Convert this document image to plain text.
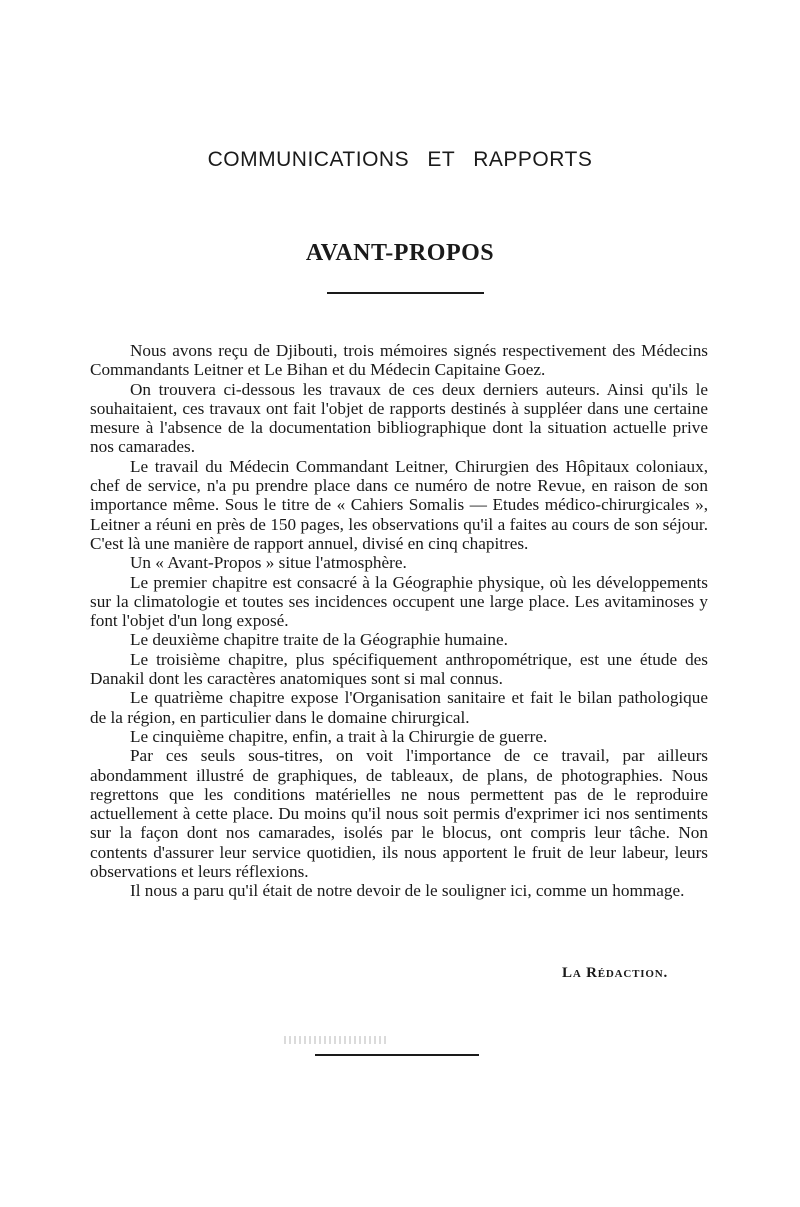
COMMUNICATIONS ET RAPPORTS
AVANT-PROPOS

Nous avons reçu de Djibouti, trois mémoires signés respectivement des Médecins Commandants Leitner et Le Bihan et du Médecin Capitaine Goez.

On trouvera ci-dessous les travaux de ces deux derniers auteurs. Ainsi qu'ils le souhaitaient, ces travaux ont fait l'objet de rapports destinés à suppléer dans une certaine mesure à l'absence de la documentation bibliographique dont la situation actuelle prive nos camarades.

Le travail du Médecin Commandant Leitner, Chirurgien des Hôpitaux coloniaux, chef de service, n'a pu prendre place dans ce numéro de notre Revue, en raison de son importance même. Sous le titre de « Cahiers Somalis — Etudes médico-chirurgicales », Leitner a réuni en près de 150 pages, les observations qu'il a faites au cours de son séjour. C'est là une manière de rapport annuel, divisé en cinq chapitres.

Un « Avant-Propos » situe l'atmosphère.

Le premier chapitre est consacré à la Géographie physique, où les développements sur la climatologie et toutes ses incidences occupent une large place. Les avitaminoses y font l'objet d'un long exposé.

Le deuxième chapitre traite de la Géographie humaine.

Le troisième chapitre, plus spécifiquement anthropométrique, est une étude des Danakil dont les caractères anatomiques sont si mal connus.

Le quatrième chapitre expose l'Organisation sanitaire et fait le bilan pathologique de la région, en particulier dans le domaine chirurgical.

Le cinquième chapitre, enfin, a trait à la Chirurgie de guerre.

Par ces seuls sous-titres, on voit l'importance de ce travail, par ailleurs abondamment illustré de graphiques, de tableaux, de plans, de photographies. Nous regrettons que les conditions matérielles ne nous permettent pas de le reproduire actuellement à cette place. Du moins qu'il nous soit permis d'exprimer ici nos sentiments sur la façon dont nos camarades, isolés par le blocus, ont compris leur tâche. Non contents d'assurer leur service quotidien, ils nous apportent le fruit de leur labeur, leurs observations et leurs réflexions.

Il nous a paru qu'il était de notre devoir de le souligner ici, comme un hommage.

La Rédaction.
